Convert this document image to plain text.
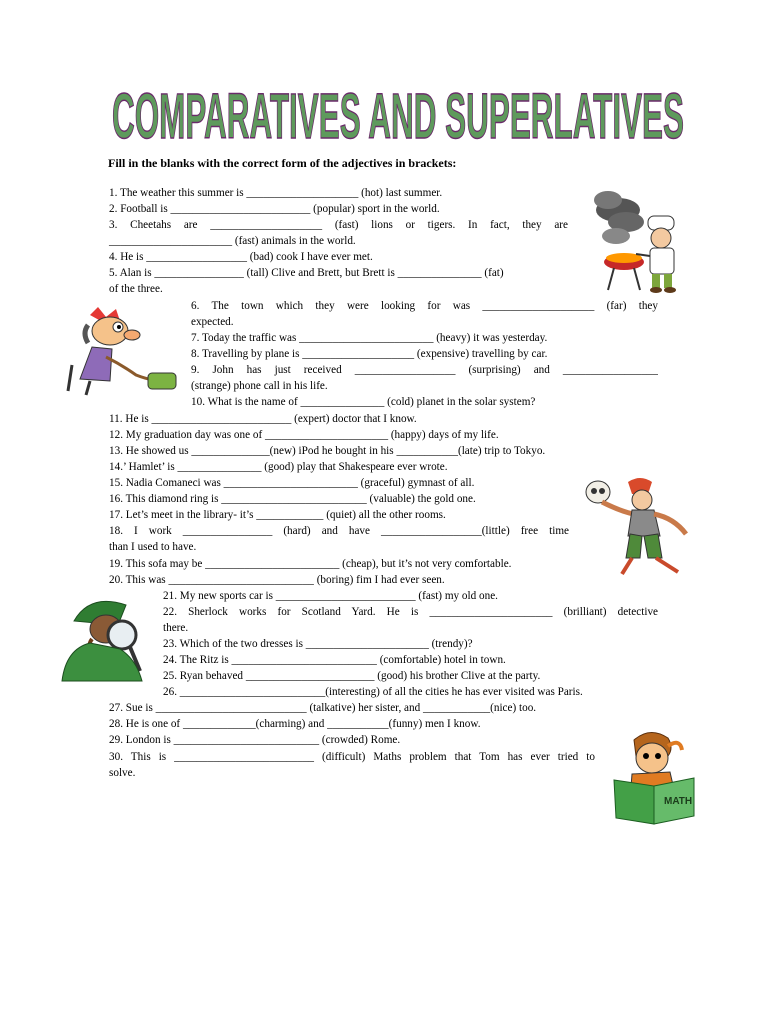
COMPARATIVES AND SUPERLATIVES
Fill in the blanks with the correct form of the adjectives in brackets:
1. The weather this summer is ____________________ (hot) last summer.
2. Football is _________________________ (popular) sport in the world.
3. Cheetahs are ____________________ (fast) lions or tigers. In fact, they are
______________________ (fast) animals in the world.
4. He is __________________ (bad) cook I have ever met.
5. Alan is ________________ (tall) Clive and Brett, but Brett is _______________ (fat)
of the three.
6. The town which they were looking for was ____________________ (far) they
expected.
7. Today the traffic was ________________________ (heavy) it was yesterday.
8. Travelling by plane is ____________________ (expensive) travelling by car.
9. John has just received __________________ (surprising) and _________________
(strange) phone call in his life.
10. What is the name of _______________ (cold) planet in the solar system?
11. He is _________________________ (expert) doctor that I know.
12. My graduation day was one of ______________________ (happy) days of my life.
13. He showed us ______________(new) iPod he bought in his ___________(late) trip to Tokyo.
14.’ Hamlet’ is _______________ (good) play that Shakespeare ever wrote.
15. Nadia Comaneci was ________________________ (graceful) gymnast of all.
16. This diamond ring is __________________________ (valuable) the gold one.
17. Let’s meet in the library- it’s ____________ (quiet) all the other rooms.
18. I work ________________ (hard) and have __________________(little) free time
than I used to have.
19. This sofa may be ________________________ (cheap), but it’s not very comfortable.
20. This was __________________________ (boring) fim I had ever seen.
21. My new sports car is _________________________ (fast) my old one.
22. Sherlock works for Scotland Yard. He is ______________________ (brilliant) detective
there.
23. Which of the two dresses is ______________________ (trendy)?
24. The Ritz is __________________________ (comfortable) hotel in town.
25. Ryan behaved _______________________ (good) his brother Clive at the party.
26. __________________________(interesting) of all the cities he has ever visited was Paris.
27. Sue is ___________________________ (talkative) her sister, and ____________(nice) too.
28. He is one of _____________(charming) and ___________(funny) men I know.
29. London is __________________________ (crowded) Rome.
30. This is _________________________ (difficult) Maths problem that Tom has ever tried to
solve.
MATH
